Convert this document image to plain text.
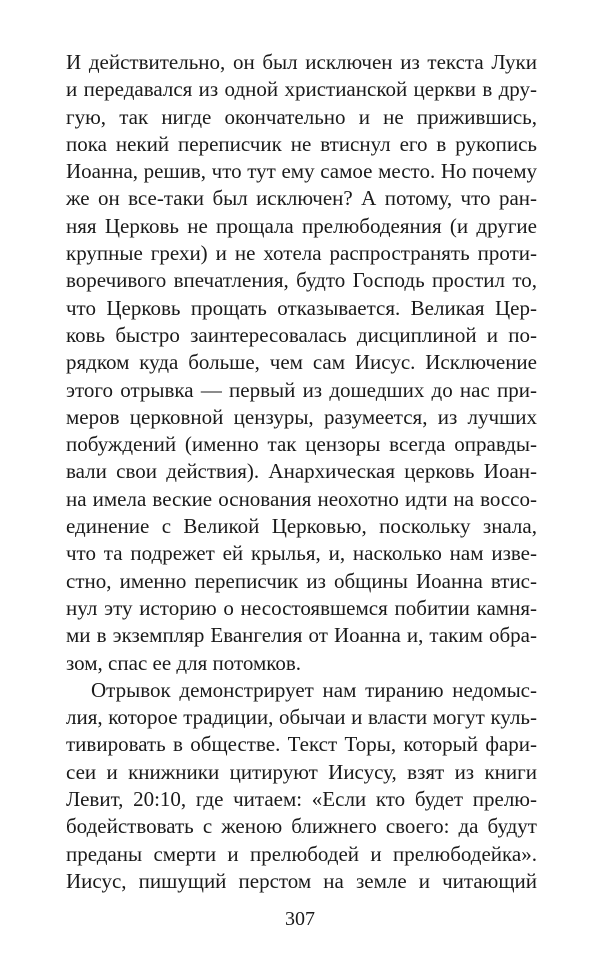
И действительно, он был исключен из текста Луки
и передавался из одной христианской церкви в дру-
гую, так нигде окончательно и не прижившись,
пока некий переписчик не втиснул его в рукопись
Иоанна, решив, что тут ему самое место. Но почему
же он все-таки был исключен? А потому, что ран-
няя Церковь не прощала прелюбодеяния (и другие
крупные грехи) и не хотела распространять проти-
воречивого впечатления, будто Господь простил то,
что Церковь прощать отказывается. Великая Цер-
ковь быстро заинтересовалась дисциплиной и по-
рядком куда больше, чем сам Иисус. Исключение
этого отрывка — первый из дошедших до нас при-
меров церковной цензуры, разумеется, из лучших
побуждений (именно так цензоры всегда оправды-
вали свои действия). Анархическая церковь Иоан-
на имела веские основания неохотно идти на воссо-
единение с Великой Церковью, поскольку знала,
что та подрежет ей крылья, и, насколько нам изве-
стно, именно переписчик из общины Иоанна втис-
нул эту историю о несостоявшемся побитии камня-
ми в экземпляр Евангелия от Иоанна и, таким обра-
зом, спас ее для потомков.
Отрывок демонстрирует нам тиранию недомыс-
лия, которое традиции, обычаи и власти могут куль-
тивировать в обществе. Текст Торы, который фари-
сеи и книжники цитируют Иисусу, взят из книги
Левит, 20:10, где читаем: «Если кто будет прелю-
бодействовать с женою ближнего своего: да будут
преданы смерти и прелюбодей и прелюбодейка».
Иисус, пишущий перстом на земле и читающий
307
